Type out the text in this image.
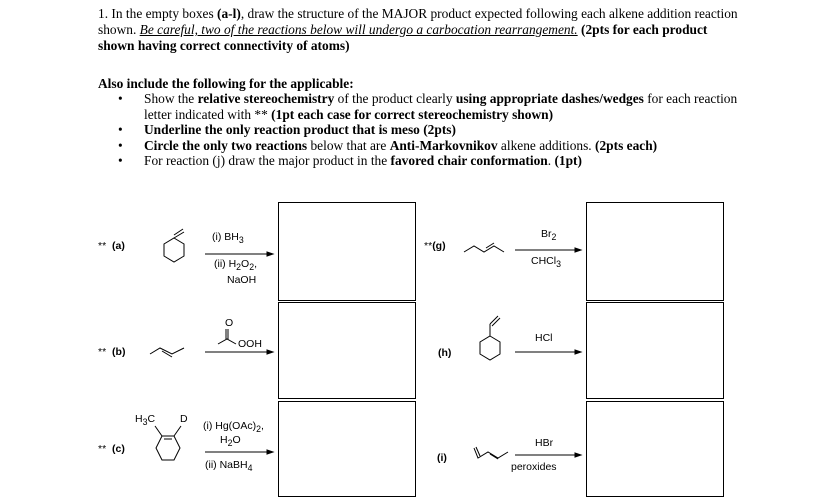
1. In the empty boxes (a-l), draw the structure of the MAJOR product expected following each alkene addition reaction shown. Be careful, two of the reactions below will undergo a carbocation rearrangement. (2pts for each product shown having correct connectivity of atoms)
Also include the following for the applicable:
• Show the relative stereochemistry of the product clearly using appropriate dashes/wedges for each reaction letter indicated with ** (1pt each case for correct stereochemistry shown)
• Underline the only reaction product that is meso (2pts)
• Circle the only two reactions below that are Anti-Markovnikov alkene additions. (2pts each)
• For reaction (j) draw the major product in the favored chair conformation. (1pt)
** (a)
(i) $BH_3$
(ii) $H_2O_2$,
NaOH
**(g)
$Br_2$
CHCl$_3$
** (b)
O
OOH
(h)
HCl
** (c)
$H_3C$ D
(i) $Hg(OAc)_2$,
$H_2O$
(ii) NaBH$_4$
(i)
HBr
peroxides
